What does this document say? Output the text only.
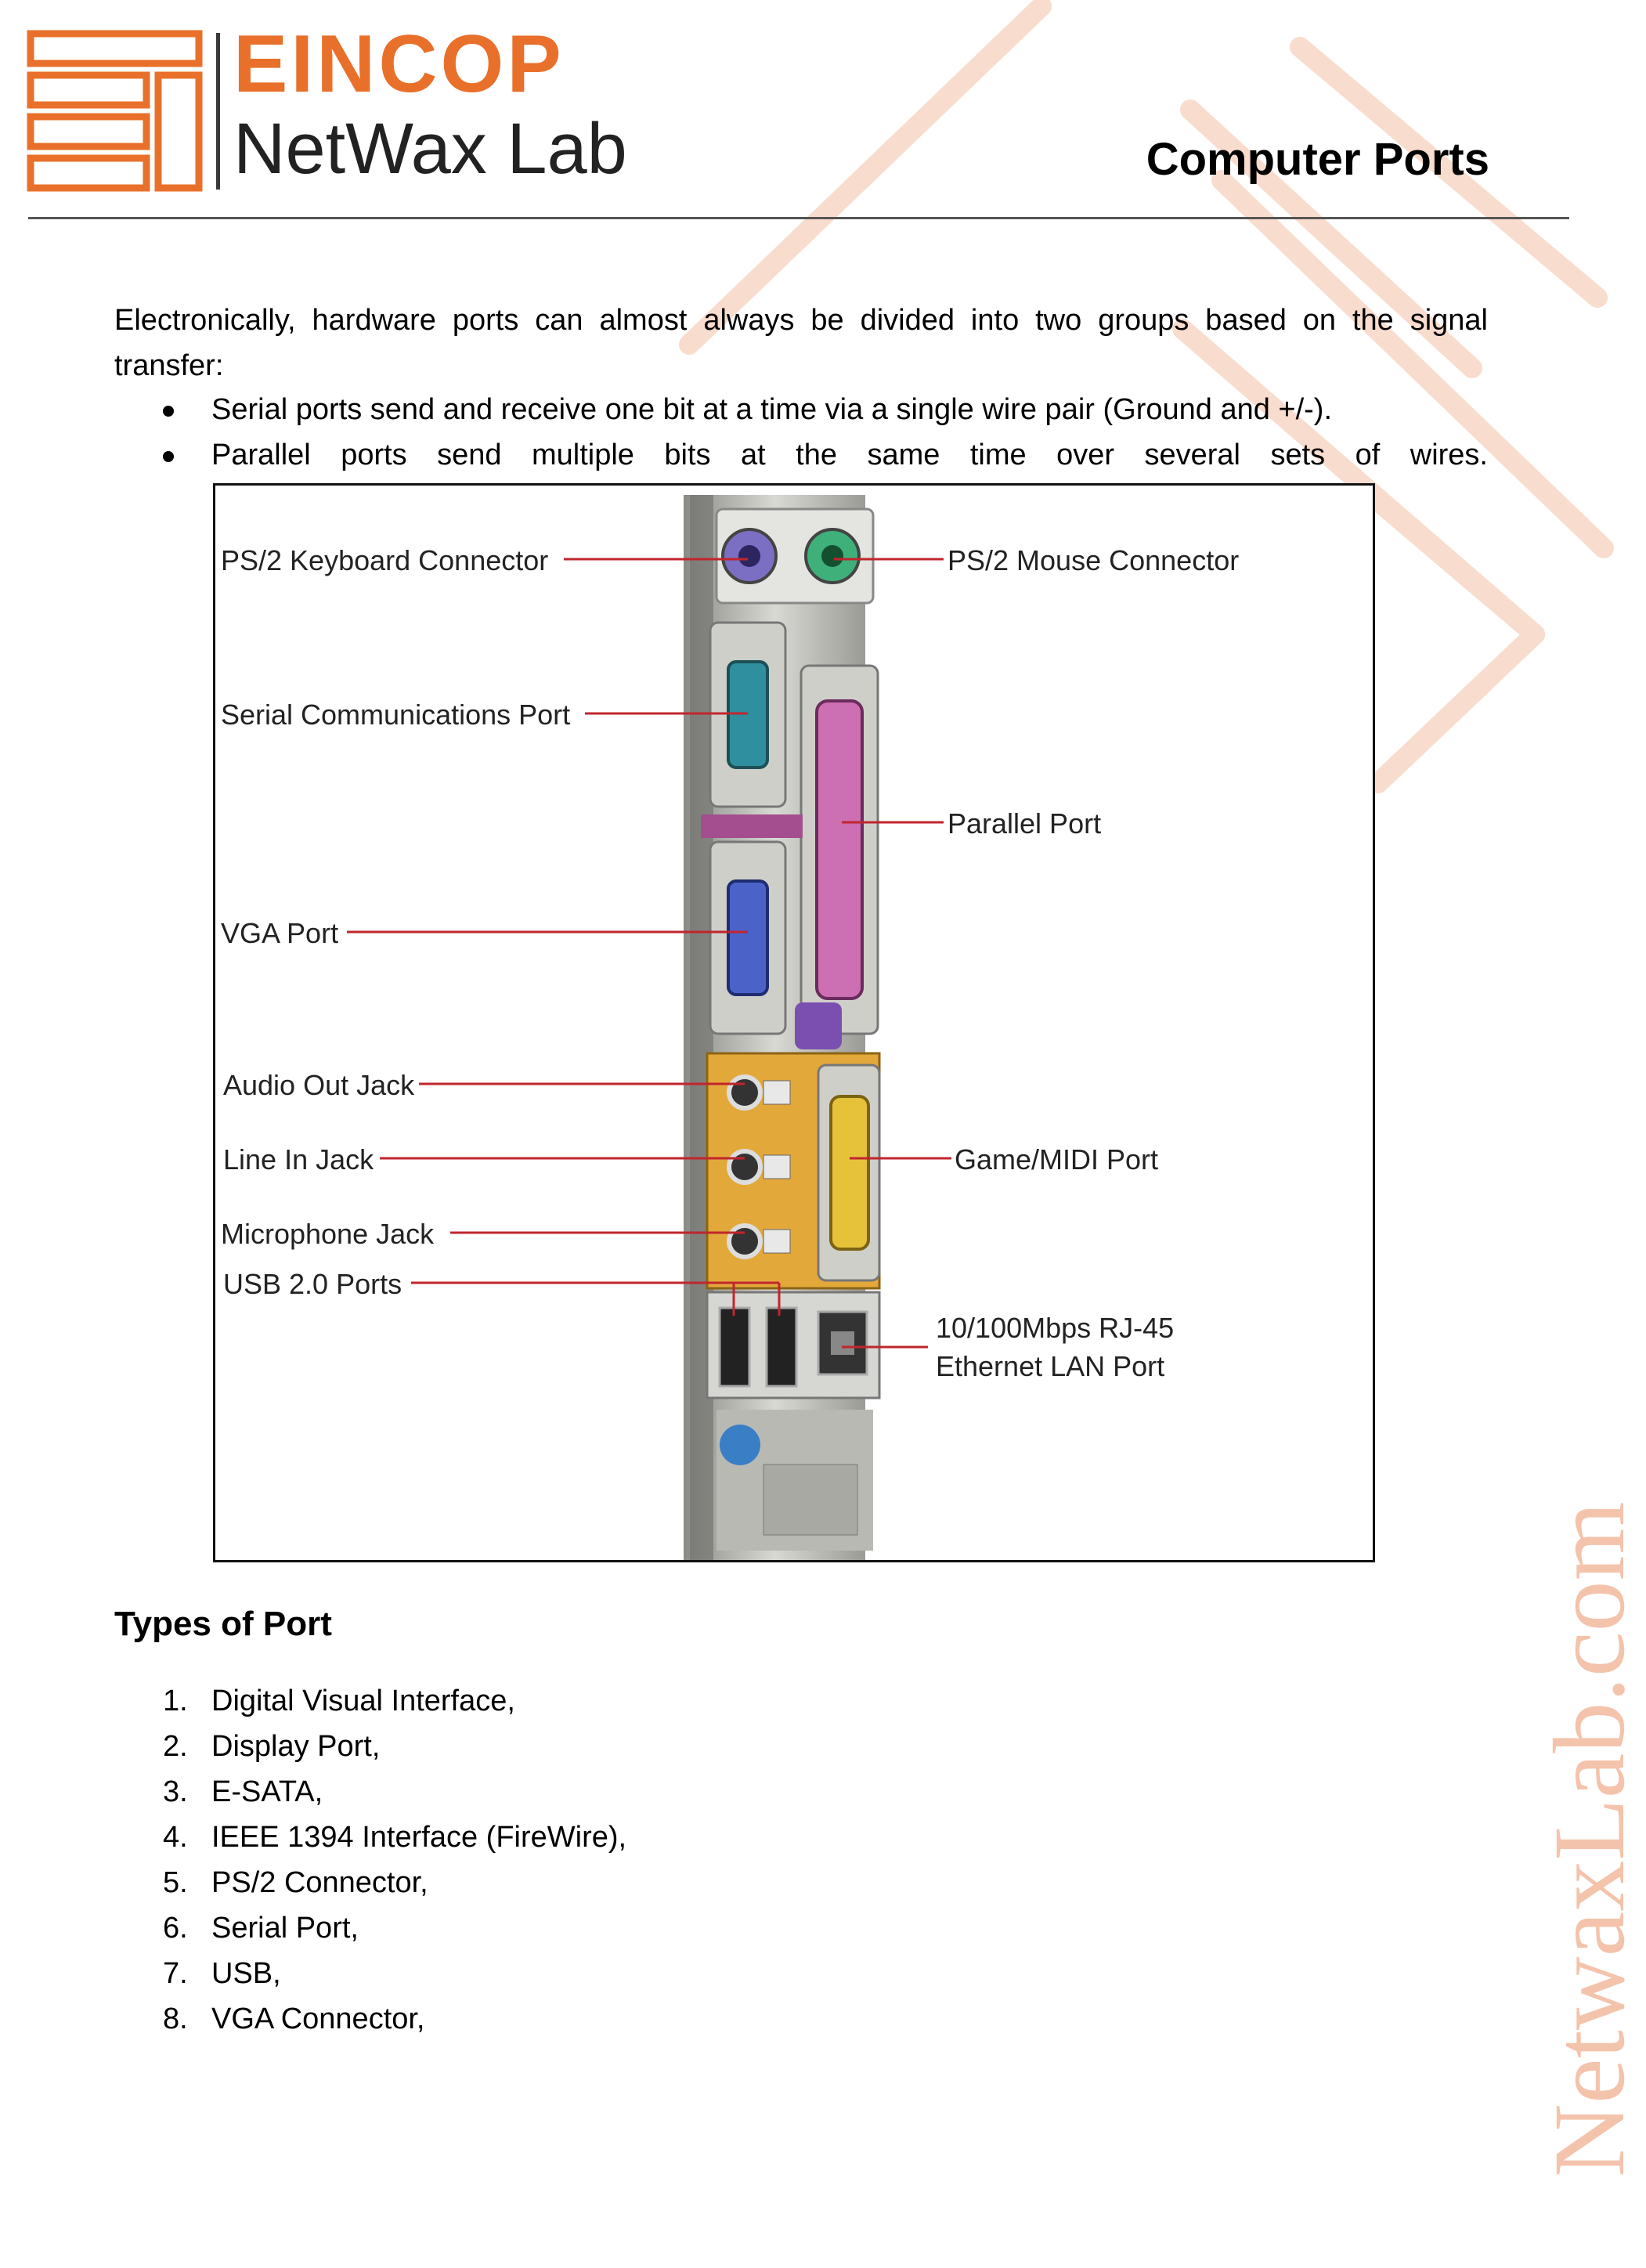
EINCOP
NetWax Lab	Computer Ports

Electronically, hardware ports can almost always be divided into two groups based on the signal transfer:

Serial ports send and receive one bit at a time via a single wire pair (Ground and +/-).
Parallel ports send multiple bits at the same time over several sets of wires.
PS/2 Keyboard Connector	PS/2 Mouse Connector
Serial Communications Port
Parallel Port
VGA Port
Audio Out Jack
Line In Jack	Game/MIDI Port
Microphone Jack
USB 2.0 Ports
10/100Mbps RJ-45
Ethernet LAN Port
Types of Port
1. Digital Visual Interface,
2. Display Port,
3. E-SATA,
4. IEEE 1394 Interface (FireWire),
5. PS/2 Connector,
6. Serial Port,
7. USB,
8. VGA Connector,	NetwaxLab.com
